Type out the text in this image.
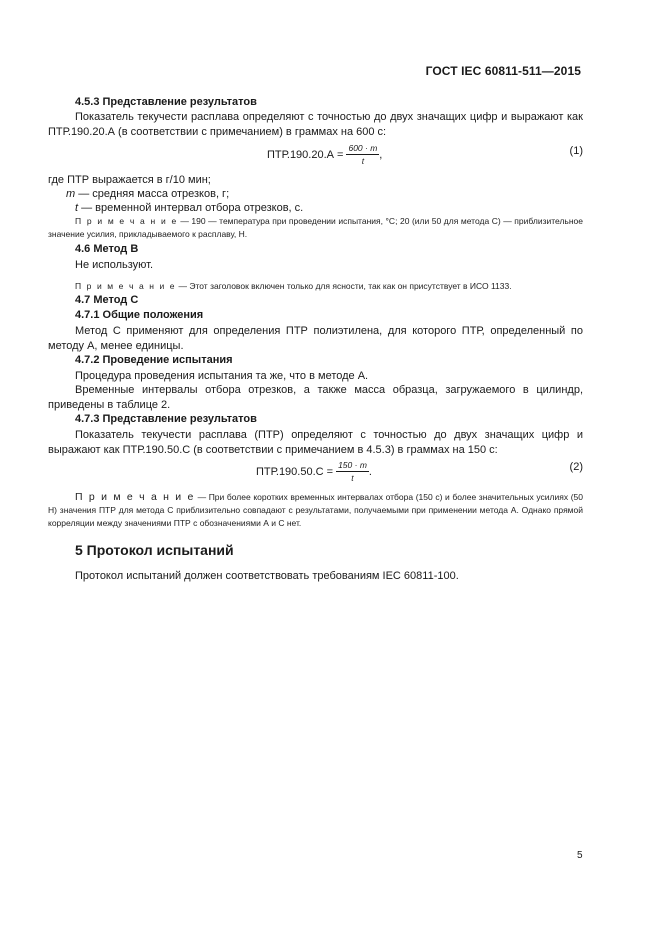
ГОСТ IEC 60811-511—2015
4.5.3 Представление результатов
Показатель текучести расплава определяют с точностью до двух значащих цифр и выражают как ПТР.190.20.А (в соответствии с примечанием) в граммах на 600 с:
$ПТР.190.20.А = \frac{600 \cdot m}{t}$ ,	(1)
где ПТР выражается в г/10 мин;
m — средняя масса отрезков, г;
t — временной интервал отбора отрезков, с.
П р и м е ч а н и е — 190 — температура при проведении испытания, °С; 20 (или 50 для метода С) — приблизительное значение усилия, прикладываемого к расплаву, Н.
4.6 Метод В
Не используют.
П р и м е ч а н и е — Этот заголовок включен только для ясности, так как он присутствует в ИСО 1133.
4.7 Метод С
4.7.1 Общие положения
Метод С применяют для определения ПТР полиэтилена, для которого ПТР, определенный по методу А, менее единицы.
4.7.2 Проведение испытания
Процедура проведения испытания та же, что в методе А.
Временные интервалы отбора отрезков, а также масса образца, загружаемого в цилиндр, приведены в таблице 2.
4.7.3 Представление результатов
Показатель текучести расплава (ПТР) определяют с точностью до двух значащих цифр и выражают как ПТР.190.50.С (в соответствии с примечанием в 4.5.3) в граммах на 150 с:
$ПТР.190.50.С = \frac{150 \cdot m}{t}$ .	(2)
П р и м е ч а н и е — При более коротких временных интервалах отбора (150 с) и более значительных усилиях (50 Н) значения ПТР для метода С приблизительно совпадают с результатами, получаемыми при применении метода А. Однако прямой корреляции между значениями ПТР с обозначениями А и С нет.
5 Протокол испытаний
Протокол испытаний должен соответствовать требованиям IEC 60811-100.
5
